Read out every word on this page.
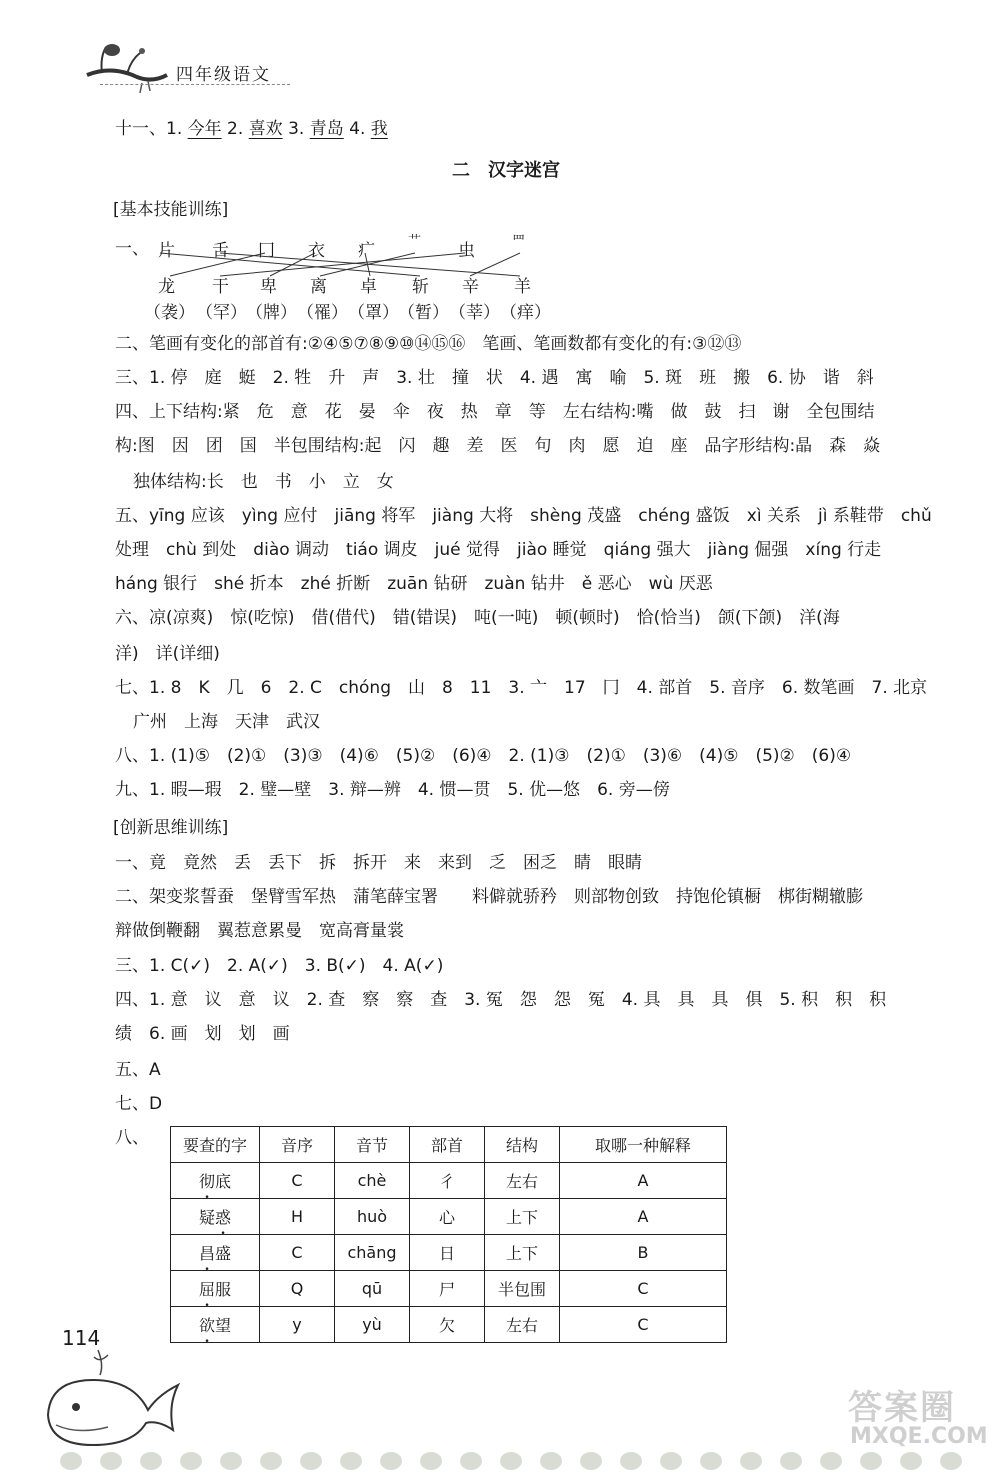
四年级语文
十一、1. 今年 2. 喜欢 3. 青岛 4. 我
二　汉字迷宫
[基本技能训练]
一、 片 舌 冂 衣 疒	艹 虫	罒
龙 干 卑 离 卓 斩 辛 羊
（袭） （罕） （牌） （罹） （罩） （暂） （莘） （痒）
二、笔画有变化的部首有:②④⑤⑦⑧⑨⑩⑭⑮⑯　笔画、笔画数都有变化的有:③⑫⑬
三、1. 停　庭　蜓　2. 牲　升　声　3. 壮　撞　状　4. 遇　寓　喻　5. 斑　班　搬　6. 协　谐　斜
四、上下结构:紧　危　意　花　晏　伞　夜　热　章　等　左右结构:嘴　做　鼓　扫　谢　全包围结
构:图　因　团　国　半包围结构:起　闪　趣　差　医　句　肉　愿　迫　座　品字形结构:晶　森　焱
独体结构:长　也　书　小　立　女
五、yīng 应该　yìng 应付　jiāng 将军　jiàng 大将　shèng 茂盛　chéng 盛饭　xì 关系　jì 系鞋带　chǔ
处理　chù 到处　diào 调动　tiáo 调皮　jué 觉得　jiào 睡觉　qiáng 强大　jiàng 倔强　xíng 行走
háng 银行　shé 折本　zhé 折断　zuān 钻研　zuàn 钻井　ě 恶心　wù 厌恶
六、凉(凉爽)　惊(吃惊)　借(借代)　错(错误)　吨(一吨)　顿(顿时)　恰(恰当)　颌(下颌)　洋(海
洋)　详(详细)
七、1. 8　K　几　6　2. C　chóng　山　8　11　3. 亠　17　冂　4. 部首　5. 音序　6. 数笔画　7. 北京
广州　上海　天津　武汉
八、1. (1)⑤　(2)①　(3)③　(4)⑥　(5)②　(6)④　2. (1)③　(2)①　(3)⑥　(4)⑤　(5)②　(6)④
九、1. 暇—瑕　2. 璧—壁　3. 辩—辨　4. 惯—贯　5. 优—悠　6. 旁—傍
[创新思维训练]
一、竟　竟然　丢　丢下　拆　拆开　来　来到　乏　困乏　睛　眼睛
二、架变浆誓蚕　堡臂雪军热　蒲笔薛宝署　　料僻就骄矜　则部物创致　持饱伦镇橱　梆街糊辙膨
辩做倒鞭翻　翼惹意累曼　宽高膏量裳
三、1. C(✓)　2. A(✓)　3. B(✓)　4. A(✓)
四、1. 意　议　意　议　2. 查　察　察　查　3. 冤　怨　怨　冤　4. 具　具　具　俱　5. 积　积　积
绩　6. 画　划　划　画
五、A
七、D
八、 要查的字	音序	音节	部首	结构	取哪一种解释
彻底	C	chè	彳	左右	A
疑惑	H	huò	心	上下	A
昌盛	C	chāng	日	上下	B
屈服	Q	qū	尸	半包围	C
欲望	y	yù	欠	左右	C
114
答案圈
MXQE.COM
